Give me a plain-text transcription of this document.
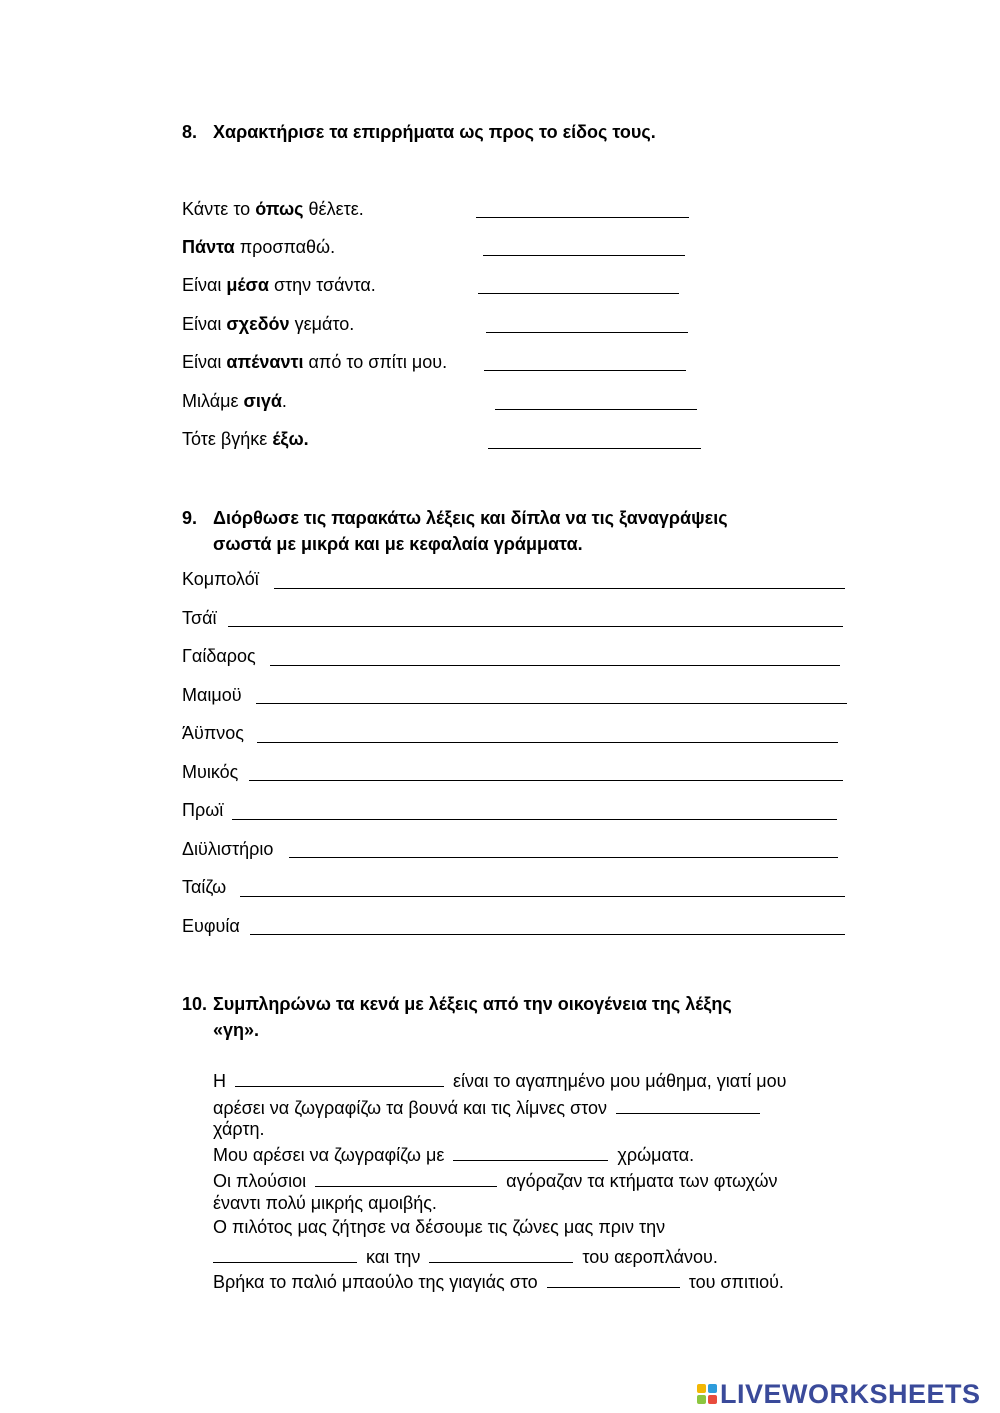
8. Χαρακτήρισε τα επιρρήματα ως προς το είδος τους.
Κάντε το όπως θέλετε.
Πάντα προσπαθώ.
Είναι μέσα στην τσάντα.
Είναι σχεδόν γεμάτο.
Είναι απέναντι από το σπίτι μου.
Μιλάμε σιγά.
Τότε βγήκε έξω.
9. Διόρθωσε τις παρακάτω λέξεις και δίπλα να τις ξαναγράψεις
σωστά με μικρά και με κεφαλαία γράμματα.
Κομπολόϊ
Τσάϊ
Γαίδαρος
Μαιμοϋ
Άϋπνος
Μυικός
Πρωϊ
Διϋλιστήριο
Ταίζω
Ευφυία
10. Συμπληρώνω τα κενά με λέξεις από την οικογένεια της λέξης
«γη».
Η	είναι το αγαπημένο μου μάθημα, γιατί μου
αρέσει να ζωγραφίζω τα βουνά και τις λίμνες στον
χάρτη.
Μου αρέσει να ζωγραφίζω με	χρώματα.
Οι πλούσιοι	αγόραζαν τα κτήματα των φτωχών
έναντι πολύ μικρής αμοιβής.
Ο πιλότος μας ζήτησε να δέσουμε τις ζώνες μας πριν την
και την	του αεροπλάνου.
Βρήκα το παλιό μπαούλο της γιαγιάς στο	του σπιτιού.
LIVEWORKSHEETS
